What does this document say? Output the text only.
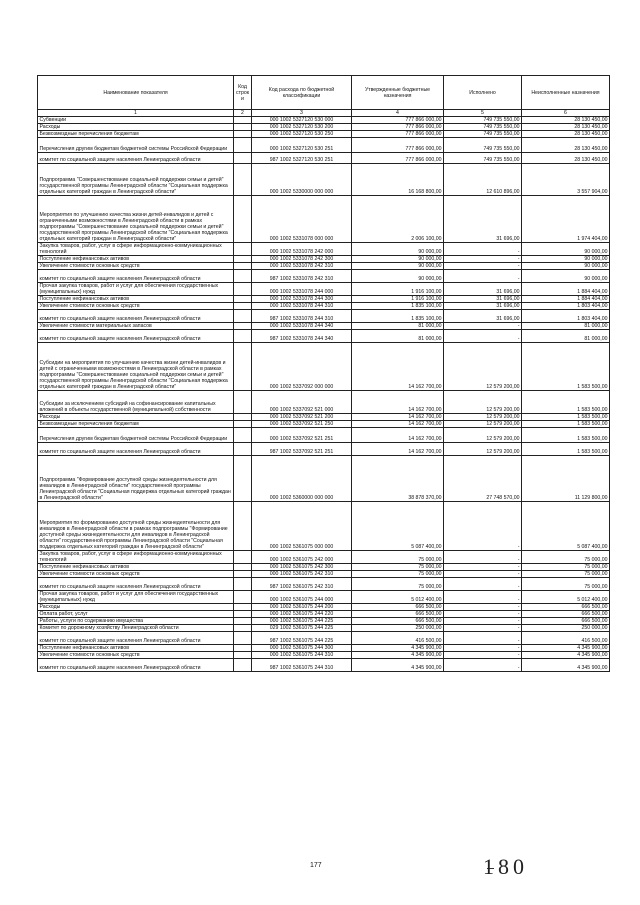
Наименование показателя	Код строк и	Код расхода по бюджетной классификации	Утвержденные бюджетные назначения	Исполнено	Неисполненные назначения
1	2	3	4	5	6
Субвенции		000 1002 5327120 530 000	777 866 000,00	749 735 550,00	28 130 450,00
Расходы		000 1002 5327120 530 200	777 866 000,00	749 735 550,00	28 130 450,00
Безвозмездные перечисления бюджетам		000 1002 5327120 530 250	777 866 000,00	749 735 550,00	28 130 450,00
Перечисления другим бюджетам бюджетной системы Российской Федерации		000 1002 5327120 530 251	777 866 000,00	749 735 550,00	28 130 450,00
комитет по социальной защите населения Ленинградской области		987 1002 5327120 530 251	777 866 000,00	749 735 550,00	28 130 450,00
Подпрограмма "Совершенствование социальной поддержки семьи и детей" государственной программы Ленинградской области "Социальная поддержка отдельных категорий граждан в Ленинградской области"		000 1002 5330000 000 000	16 168 800,00	12 610 896,00	3 557 904,00
Мероприятия по улучшению качества жизни детей-инвалидов и детей с ограниченными возможностями в Ленинградской области в рамках подпрограммы "Совершенствование социальной поддержки семьи и детей" государственной программы Ленинградской области "Социальная поддержка отдельных категорий граждан в Ленинградской области"		000 1002 5331078 000 000	2 006 100,00	31 696,00	1 974 404,00
Закупка товаров, работ, услуг в сфере информационно-коммуникационных технологий		000 1002 5331078 242 000	90 000,00	-	90 000,00
Поступление нефинансовых активов		000 1002 5331078 242 300	90 000,00	-	90 000,00
Увеличение стоимости основных средств		000 1002 5331078 242 310	90 000,00	-	90 000,00
комитет по социальной защите населения Ленинградской области		987 1002 5331078 242 310	90 000,00	-	90 000,00
Прочая закупка товаров, работ и услуг для обеспечения государственных (муниципальных) нужд		000 1002 5331078 244 000	1 916 100,00	31 696,00	1 884 404,00
Поступление нефинансовых активов		000 1002 5331078 244 300	1 916 100,00	31 696,00	1 884 404,00
Увеличение стоимости основных средств		000 1002 5331078 244 310	1 835 100,00	31 696,00	1 803 404,00
комитет по социальной защите населения Ленинградской области		987 1002 5331078 244 310	1 835 100,00	31 696,00	1 803 404,00
Увеличение стоимости материальных запасов		000 1002 5331078 244 340	81 000,00	-	81 000,00
комитет по социальной защите населения Ленинградской области		987 1002 5331078 244 340	81 000,00	-	81 000,00
Субсидии на мероприятия по улучшению качества жизни детей-инвалидов и детей с ограниченными возможностями в Ленинградской области в рамках подпрограммы "Совершенствование социальной поддержки семьи и детей" государственной программы Ленинградской области "Социальная поддержка отдельных категорий граждан в Ленинградской области"		000 1002 5337092 000 000	14 162 700,00	12 579 200,00	1 583 500,00
Субсидии за исключением субсидий на софинансирование капитальных вложений в объекты государственной (муниципальной) собственности		000 1002 5337092 521 000	14 162 700,00	12 579 200,00	1 583 500,00
Расходы		000 1002 5337092 521 200	14 162 700,00	12 579 200,00	1 583 500,00
Безвозмездные перечисления бюджетам		000 1002 5337092 521 250	14 162 700,00	12 579 200,00	1 583 500,00
Перечисления другим бюджетам бюджетной системы Российской Федерации		000 1002 5337092 521 251	14 162 700,00	12 579 200,00	1 583 500,00
комитет по социальной защите населения Ленинградской области		987 1002 5337092 521 251	14 162 700,00	12 579 200,00	1 583 500,00
Подпрограмма "Формирование доступной среды жизнедеятельности для инвалидов в Ленинградской области" государственной программы Ленинградской области "Социальная поддержка отдельных категорий граждан в Ленинградской области"		000 1002 5360000 000 000	38 878 370,00	27 748 570,00	11 129 800,00
Мероприятия по формированию доступной среды жизнедеятельности для инвалидов в Ленинградской области в рамках подпрограммы "Формирование доступной среды жизнедеятельности для инвалидов в Ленинградской области" государственной программы Ленинградской области "Социальная поддержка отдельных категорий граждан в Ленинградской области"		000 1002 5361075 000 000	5 087 400,00	-	5 087 400,00
Закупка товаров, работ, услуг в сфере информационно-коммуникационных технологий		000 1002 5361075 242 000	75 000,00	-	75 000,00
Поступление нефинансовых активов		000 1002 5361075 242 300	75 000,00	-	75 000,00
Увеличение стоимости основных средств		000 1002 5361075 242 310	75 000,00	-	75 000,00
комитет по социальной защите населения Ленинградской области		987 1002 5361075 242 310	75 000,00	-	75 000,00
Прочая закупка товаров, работ и услуг для обеспечения государственных (муниципальных) нужд		000 1002 5361075 244 000	5 012 400,00	-	5 012 400,00
Расходы		000 1002 5361075 244 200	666 500,00	-	666 500,00
Оплата работ, услуг		000 1002 5361075 244 220	666 500,00	-	666 500,00
Работы, услуги по содержанию имущества		000 1002 5361075 244 225	666 500,00	-	666 500,00
Комитет по дорожному хозяйству Ленинградской области		029 1002 5361075 244 225	250 000,00	-	250 000,00
комитет по социальной защите населения Ленинградской области		987 1002 5361075 244 225	416 500,00	-	416 500,00
Поступление нефинансовых активов		000 1002 5361075 244 300	4 345 900,00	-	4 345 900,00
Увеличение стоимости основных средств		000 1002 5361075 244 310	4 345 900,00	-	4 345 900,00
комитет по социальной защите населения Ленинградской области		987 1002 5361075 244 310	4 345 900,00	-	4 345 900,00
177	180
